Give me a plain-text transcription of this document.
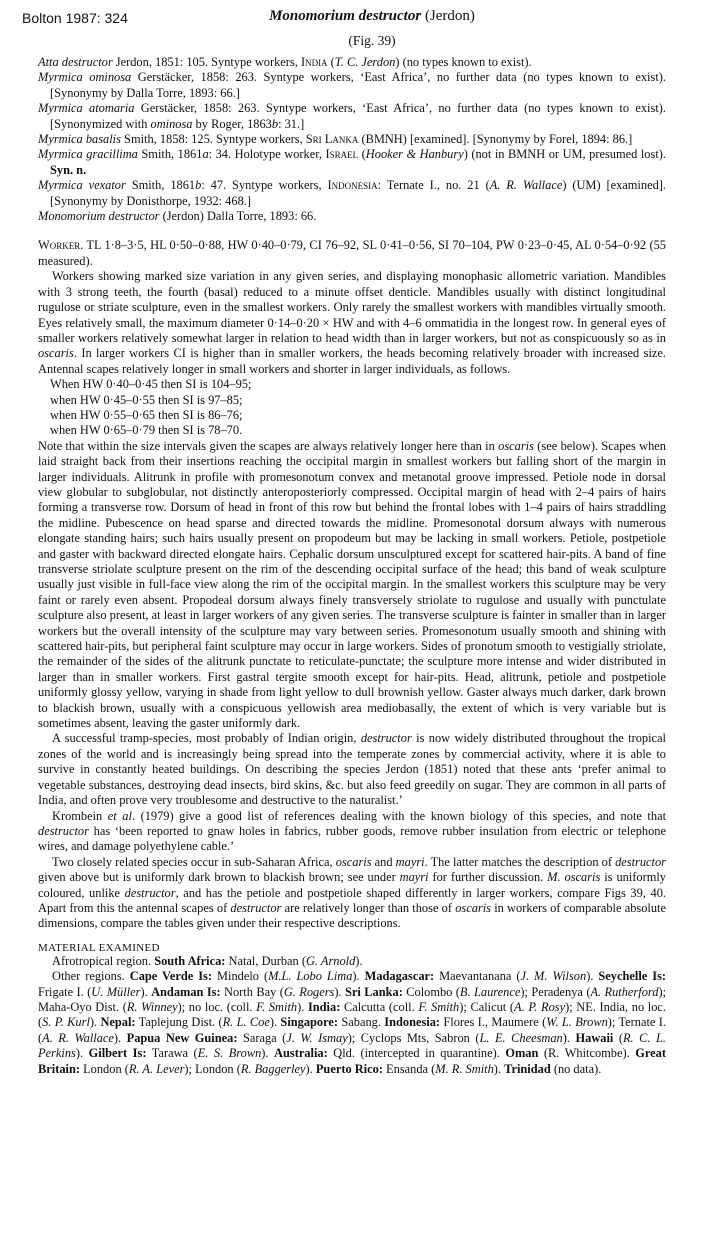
Bolton 1987: 324	Monomorium destructor (Jerdon)
(Fig. 39)

Atta destructor Jerdon, 1851: 105. Syntype workers, India (T. C. Jerdon) (no types known to exist).

Myrmica ominosa Gerstäcker, 1858: 263. Syntype workers, ‘East Africa’, no further data (no types known to exist). [Synonymy by Dalla Torre, 1893: 66.]

Myrmica atomaria Gerstäcker, 1858: 263. Syntype workers, ‘East Africa’, no further data (no types known to exist). [Synonymized with ominosa by Roger, 1863b: 31.]

Myrmica basalis Smith, 1858: 125. Syntype workers, Sri Lanka (BMNH) [examined]. [Synonymy by Forel, 1894: 86.]

Myrmica gracillima Smith, 1861a: 34. Holotype worker, Israel (Hooker & Hanbury) (not in BMNH or UM, presumed lost). Syn. n.

Myrmica vexator Smith, 1861b: 47. Syntype workers, Indonesia: Ternate I., no. 21 (A. R. Wallace) (UM) [examined]. [Synonymy by Donisthorpe, 1932: 468.]

Monomorium destructor (Jerdon) Dalla Torre, 1893: 66.

Worker. TL 1·8–3·5, HL 0·50–0·88, HW 0·40–0·79, CI 76–92, SL 0·41–0·56, SI 70–104, PW 0·23–0·45, AL 0·54–0·92 (55 measured).

Workers showing marked size variation in any given series, and displaying monophasic allometric variation. Mandibles with 3 strong teeth, the fourth (basal) reduced to a minute offset denticle. Mandibles usually with distinct longitudinal rugulose or striate sculpture, even in the smallest workers. Only rarely the smallest workers with mandibles virtually smooth. Eyes relatively small, the maximum diameter 0·14–0·20 × HW and with 4–6 ommatidia in the longest row. In general eyes of smaller workers relatively somewhat larger in relation to head width than in larger workers, but not as conspicuously so as in oscaris. In larger workers CI is higher than in smaller workers, the heads becoming relatively broader with increased size. Antennal scapes relatively longer in small workers and shorter in larger individuals, as follows.

When HW 0·40–0·45 then SI is 104–95;

when HW 0·45–0·55 then SI is 97–85;

when HW 0·55–0·65 then SI is 86–76;

when HW 0·65–0·79 then SI is 78–70.

Note that within the size intervals given the scapes are always relatively longer here than in oscaris (see below). Scapes when laid straight back from their insertions reaching the occipital margin in smallest workers but falling short of the margin in larger individuals. Alitrunk in profile with promesonotum convex and metanotal groove impressed. Petiole node in dorsal view globular to subglobular, not distinctly anteroposteriorly compressed. Occipital margin of head with 2–4 pairs of hairs forming a transverse row. Dorsum of head in front of this row but behind the frontal lobes with 1–4 pairs of hairs straddling the midline. Pubescence on head sparse and directed towards the midline. Promesonotal dorsum always with numerous elongate standing hairs; such hairs usually present on propodeum but may be lacking in small workers. Petiole, postpetiole and gaster with backward directed elongate hairs. Cephalic dorsum unsculptured except for scattered hair-pits. A band of fine transverse striolate sculpture present on the rim of the descending occipital surface of the head; this band of weak sculpture usually just visible in full-face view along the rim of the occipital margin. In the smallest workers this sculpture may be very faint or rarely even absent. Propodeal dorsum always finely transversely striolate to rugulose and usually with punctulate sculpture also present, at least in larger workers of any given series. The transverse sculpture is fainter in smaller than in larger workers but the overall intensity of the sculpture may vary between series. Promesonotum usually smooth and shining with scattered hair-pits, but peripheral faint sculpture may occur in large workers. Sides of pronotum smooth to vestigially striolate, the remainder of the sides of the alitrunk punctate to reticulate-punctate; the sculpture more intense and wider distributed in larger than in smaller workers. First gastral tergite smooth except for hair-pits. Head, alitrunk, petiole and postpetiole uniformly glossy yellow, varying in shade from light yellow to dull brownish yellow. Gaster always much darker, dark brown to blackish brown, usually with a conspicuous yellowish area mediobasally, the extent of which is very variable but is sometimes absent, leaving the gaster uniformly dark.

A successful tramp-species, most probably of Indian origin, destructor is now widely distributed throughout the tropical zones of the world and is increasingly being spread into the temperate zones by commercial activity, where it is able to survive in constantly heated buildings. On describing the species Jerdon (1851) noted that these ants ‘prefer animal to vegetable substances, destroying dead insects, bird skins, &c. but also feed greedily on sugar. They are common in all parts of India, and often prove very troublesome and destructive to the naturalist.’

Krombein et al. (1979) give a good list of references dealing with the known biology of this species, and note that destructor has ‘been reported to gnaw holes in fabrics, rubber goods, remove rubber insulation from electric or telephone wires, and damage polyethylene cable.’

Two closely related species occur in sub-Saharan Africa, oscaris and mayri. The latter matches the description of destructor given above but is uniformly dark brown to blackish brown; see under mayri for further discussion. M. oscaris is uniformly coloured, unlike destructor, and has the petiole and postpetiole shaped differently in larger workers, compare Figs 39, 40. Apart from this the antennal scapes of destructor are relatively longer than those of oscaris in workers of comparable absolute dimensions, compare the tables given under their respective descriptions.

MATERIAL EXAMINED

Afrotropical region. South Africa: Natal, Durban (G. Arnold).

Other regions. Cape Verde Is: Mindelo (M.L. Lobo Lima). Madagascar: Maevantanana (J. M. Wilson). Seychelle Is: Frigate I. (U. Müller). Andaman Is: North Bay (G. Rogers). Sri Lanka: Colombo (B. Laurence); Peradenya (A. Rutherford); Maha-Oyo Dist. (R. Winney); no loc. (coll. F. Smith). India: Calcutta (coll. F. Smith); Calicut (A. P. Rosy); NE. India, no loc. (S. P. Kurl). Nepal: Taplejung Dist. (R. L. Coe). Singapore: Sabang. Indonesia: Flores I., Maumere (W. L. Brown); Ternate I. (A. R. Wallace). Papua New Guinea: Saraga (J. W. Ismay); Cyclops Mts, Sabron (L. E. Cheesman). Hawaii (R. C. L. Perkins). Gilbert Is: Tarawa (E. S. Brown). Australia: Qld. (intercepted in quarantine). Oman (R. Whitcombe). Great Britain: London (R. A. Lever); London (R. Baggerley). Puerto Rico: Ensanda (M. R. Smith). Trinidad (no data).
